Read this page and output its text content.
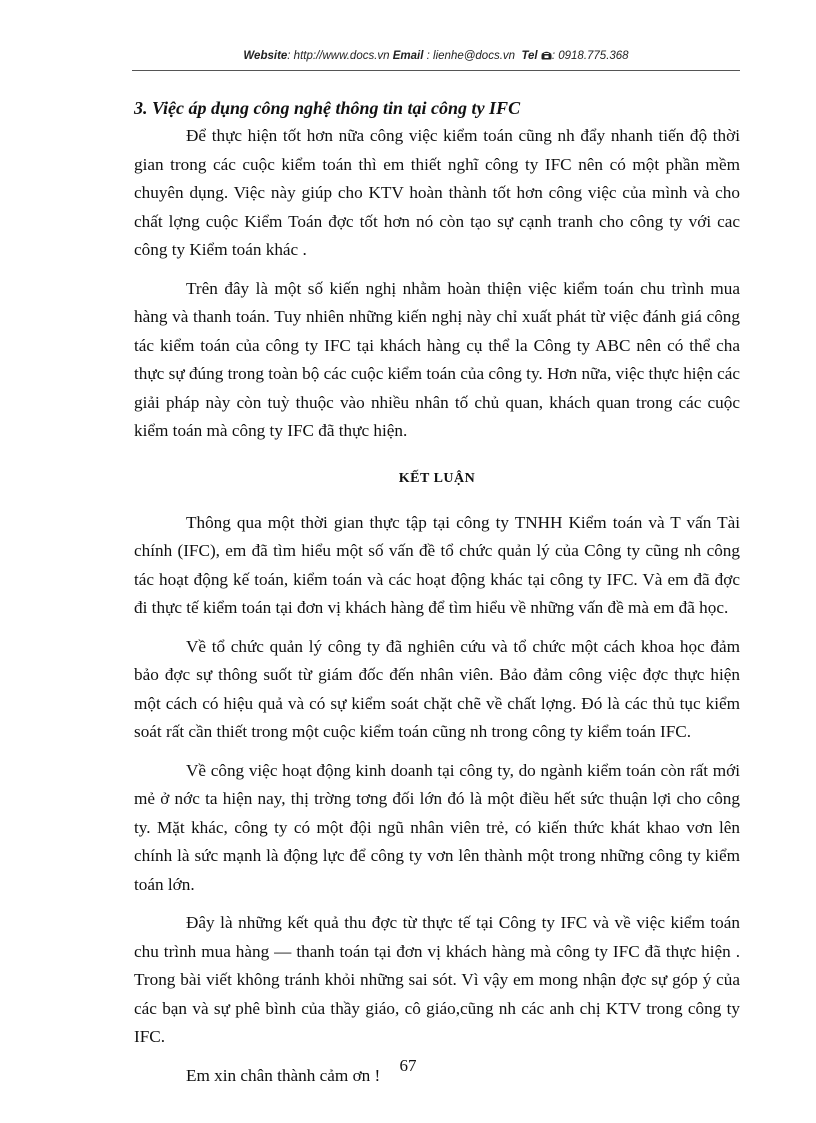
Website: http://www.docs.vn Email : lienhe@docs.vn Tel : 0918.775.368

3. Việc áp dụng công nghệ thông tin tại công ty IFC

Để thực hiện tốt hơn nữa công việc kiểm toán cũng nh đẩy nhanh tiến độ thời gian trong các cuộc kiểm toán thì em thiết nghĩ công ty IFC nên có một phần mềm chuyên dụng. Việc này giúp cho KTV hoàn thành tốt hơn công việc của mình và cho chất lợng cuộc Kiểm Toán đợc tốt hơn nó còn tạo sự cạnh tranh cho công ty với cac công ty Kiểm toán khác .

Trên đây là một số kiến nghị nhằm hoàn thiện việc kiểm toán chu trình mua hàng và thanh toán. Tuy nhiên những kiến nghị này chỉ xuất phát từ việc đánh giá công tác kiểm toán của công ty IFC tại khách hàng cụ thể la Công ty ABC nên có thể cha thực sự đúng trong toàn bộ các cuộc kiểm toán của công ty. Hơn nữa, việc thực hiện các giải pháp này còn tuỳ thuộc vào nhiều nhân tố chủ quan, khách quan trong các cuộc kiểm toán mà công ty IFC đã thực hiện.

KẾT LUẬN

Thông qua một thời gian thực tập tại công ty TNHH Kiểm toán và T vấn Tài chính (IFC), em đã tìm hiểu một số vấn đề tổ chức quản lý của Công ty cũng nh công tác hoạt động kế toán, kiểm toán và các hoạt động khác tại công ty IFC. Và em đã đợc đi thực tế kiểm toán tại đơn vị khách hàng để tìm hiểu về những vấn đề mà em đã học.

Về tổ chức quản lý công ty đã nghiên cứu và tổ chức một cách khoa học đảm bảo đợc sự thông suốt từ giám đốc đến nhân viên. Bảo đảm công việc đợc thực hiện một cách có hiệu quả và có sự kiểm soát chặt chẽ về chất lợng. Đó là các thủ tục kiểm soát rất cần thiết trong một cuộc kiểm toán cũng nh trong công ty kiểm toán IFC.

Về công việc hoạt động kinh doanh tại công ty, do ngành kiểm toán còn rất mới mẻ ở nớc ta hiện nay, thị trờng tơng đối lớn đó là một điều hết sức thuận lợi cho công ty. Mặt khác, công ty có một đội ngũ nhân viên trẻ, có kiến thức khát khao vơn lên chính là sức mạnh là động lực để công ty vơn lên thành một trong những công ty kiểm toán lớn.

Đây là những kết quả thu đợc từ thực tế tại Công ty IFC và về việc kiểm toán chu trình mua hàng — thanh toán tại đơn vị khách hàng mà công ty IFC đã thực hiện . Trong bài viết không tránh khỏi những sai sót. Vì vậy em mong nhận đợc sự góp ý của các bạn và sự phê bình của thầy giáo, cô giáo,cũng nh các anh chị KTV trong công ty IFC.

Em xin chân thành cảm ơn !	67
